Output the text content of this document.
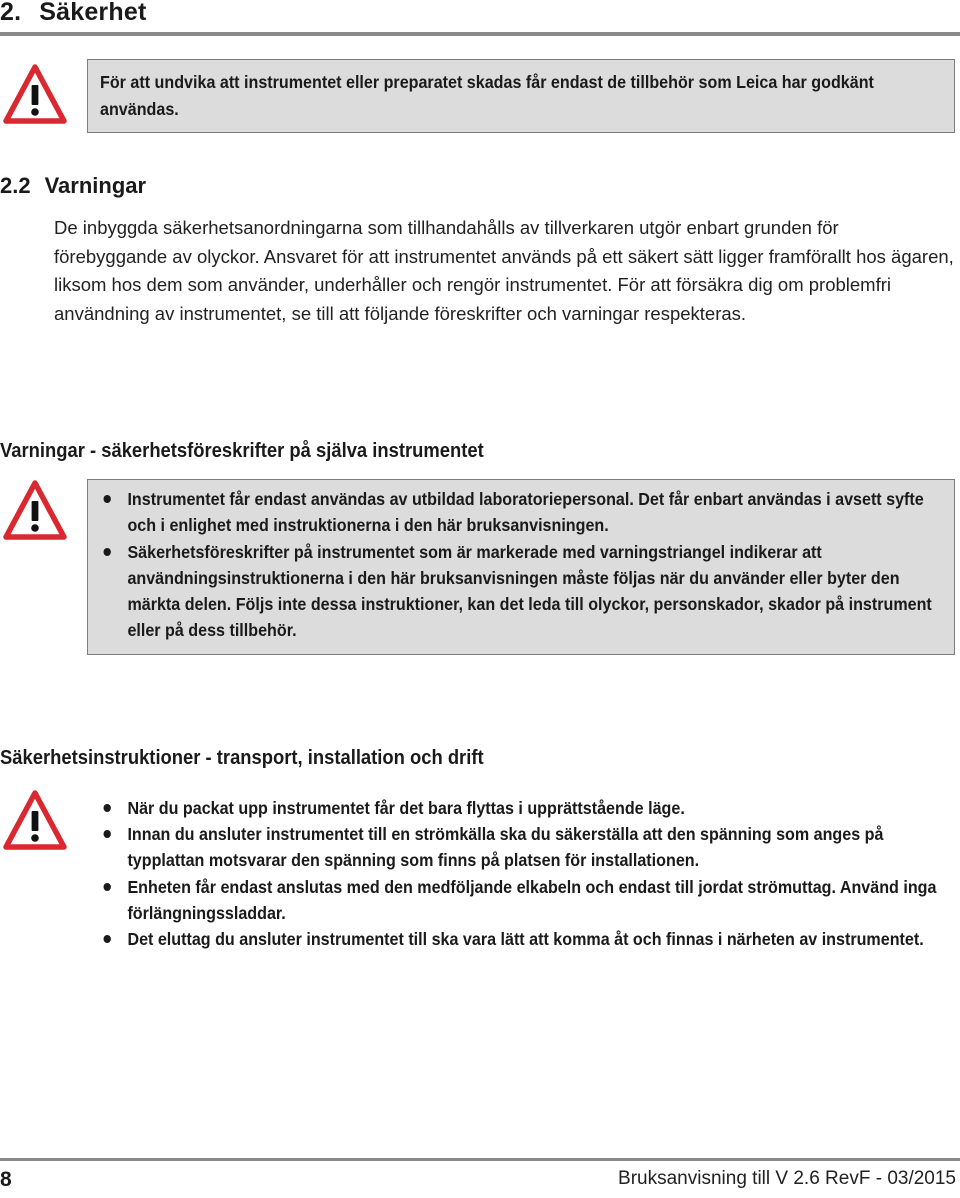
2. Säkerhet
För att undvika att instrumentet eller preparatet skadas får endast de tillbehör som Leica har godkänt användas.
2.2 Varningar

De inbyggda säkerhetsanordningarna som tillhandahålls av tillverkaren utgör enbart grunden för förebyggande av olyckor. Ansvaret för att instrumentet används på ett säkert sätt ligger framförallt hos ägaren, liksom hos dem som använder, underhåller och rengör instrumentet. För att försäkra dig om problemfri användning av instrumentet, se till att följande föreskrifter och varningar respekteras.

Varningar - säkerhetsföreskrifter på själva instrumentet
Instrumentet får endast användas av utbildad laboratoriepersonal. Det får enbart användas i avsett syfte och i enlighet med instruktionerna i den här bruksanvisningen.
Säkerhetsföreskrifter på instrumentet som är markerade med varningstriangel indikerar att användningsinstruktionerna i den här bruksanvisningen måste följas när du använder eller byter den märkta delen. Följs inte dessa instruktioner, kan det leda till olyckor, personskador, skador på instrument eller på dess tillbehör.
Säkerhetsinstruktioner - transport, installation och drift
När du packat upp instrumentet får det bara flyttas i upprättstående läge.
Innan du ansluter instrumentet till en strömkälla ska du säkerställa att den spänning som anges på typplattan motsvarar den spänning som finns på platsen för installationen.
Enheten får endast anslutas med den medföljande elkabeln och endast till jordat strömuttag. Använd inga förlängningssladdar.
Det eluttag du ansluter instrumentet till ska vara lätt att komma åt och finnas i närheten av instrumentet.
8	Bruksanvisning till V 2.6 RevF - 03/2015
